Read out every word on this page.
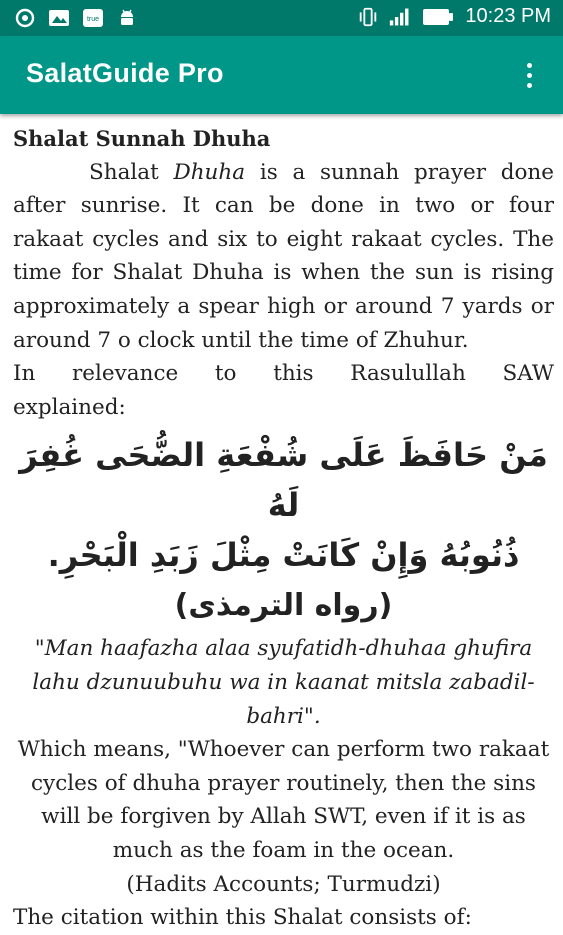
true	10:23 PM
SalatGuide Pro
Shalat Sunnah Dhuha
Shalat Dhuha is a sunnah prayer done after sunrise. It can be done in two or four rakaat cycles and six to eight rakaat cycles. The time for Shalat Dhuha is when the sun is rising approximately a spear high or around 7 yards or around 7 o clock until the time of Zhuhur.
In relevance to this Rasulullah SAW
explained:
مَنْ حَافَظَ عَلَى شُفْعَةِ الضُّحَى غُفِرَ لَهُ
ذُنُوبُهُ وَإِنْ كَانَتْ مِثْلَ زَبَدِ الْبَحْرِ.
(رواه الترمذى)
"Man haafazha alaa syufatidh-dhuhaa ghufira lahu dzunuubuhu wa in kaanat mitsla zabadil-bahri".
Which means, "Whoever can perform two rakaat cycles of dhuha prayer routinely, then the sins will be forgiven by Allah SWT, even if it is as much as the foam in the ocean.
(Hadits Accounts; Turmudzi)
The citation within this Shalat consists of:
